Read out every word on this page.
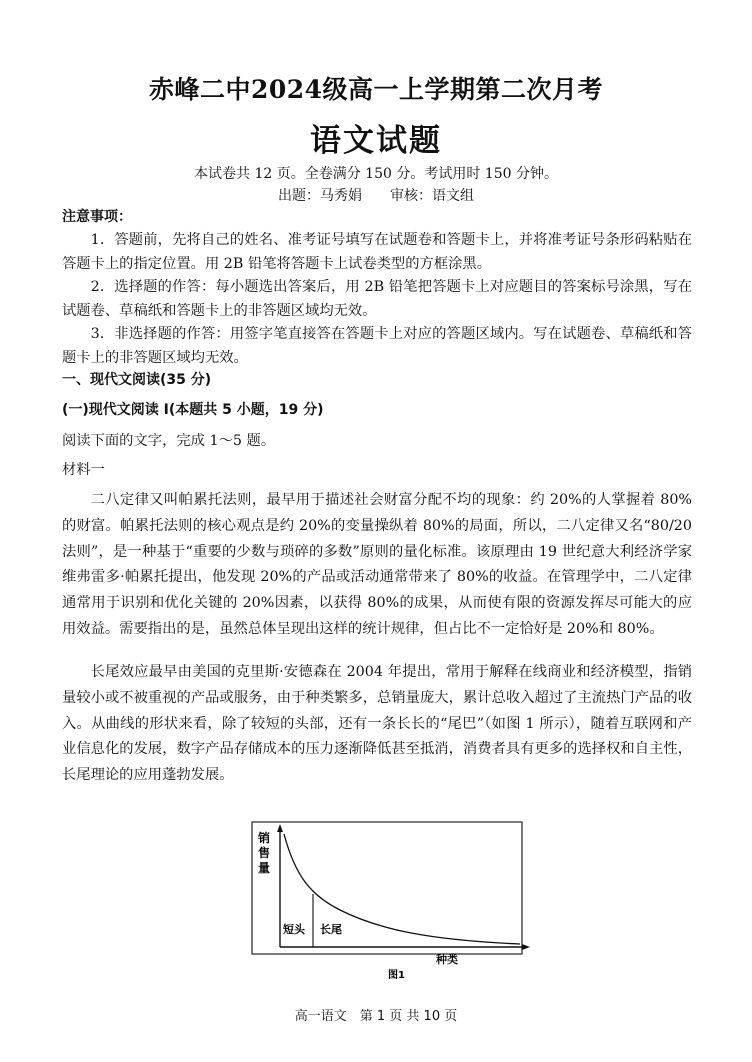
赤峰二中2024级高一上学期第二次月考
语文试题
本试卷共 12 页。全卷满分 150 分。考试用时 150 分钟。
出题：马秀娟 审核：语文组
注意事项：

1．答题前，先将自己的姓名、准考证号填写在试题卷和答题卡上，并将准考证号条形码粘贴在答题卡上的指定位置。用 2B 铅笔将答题卡上试卷类型的方框涂黑。

2．选择题的作答：每小题选出答案后，用 2B 铅笔把答题卡上对应题目的答案标号涂黑，写在试题卷、草稿纸和答题卡上的非答题区域均无效。

3．非选择题的作答：用签字笔直接答在答题卡上对应的答题区域内。写在试题卷、草稿纸和答题卡上的非答题区域均无效。

一、现代文阅读(35 分)
(一)现代文阅读 I(本题共 5 小题，19 分)
阅读下面的文字，完成 1～5 题。
材料一

二八定律又叫帕累托法则，最早用于描述社会财富分配不均的现象：约 20%的人掌握着 80%的财富。帕累托法则的核心观点是约 20%的变量操纵着 80%的局面，所以，二八定律又名“80/20 法则”，是一种基于“重要的少数与琐碎的多数”原则的量化标准。该原理由 19 世纪意大利经济学家维弗雷多·帕累托提出，他发现 20%的产品或活动通常带来了 80%的收益。在管理学中，二八定律通常用于识别和优化关键的 20%因素，以获得 80%的成果，从而使有限的资源发挥尽可能大的应用效益。需要指出的是，虽然总体呈现出这样的统计规律，但占比不一定恰好是 20%和 80%。

长尾效应最早由美国的克里斯·安德森在 2004 年提出，常用于解释在线商业和经济模型，指销量较小或不被重视的产品或服务，由于种类繁多，总销量庞大，累计总收入超过了主流热门产品的收入。从曲线的形状来看，除了较短的头部，还有一条长长的“尾巴”（如图 1 所示），随着互联网和产业信息化的发展，数字产品存储成本的压力逐渐降低甚至抵消，消费者具有更多的选择权和自主性，长尾理论的应用蓬勃发展。

销
售
量
短头 长尾
种类
图1
高一语文　第 1 页 共 10 页
